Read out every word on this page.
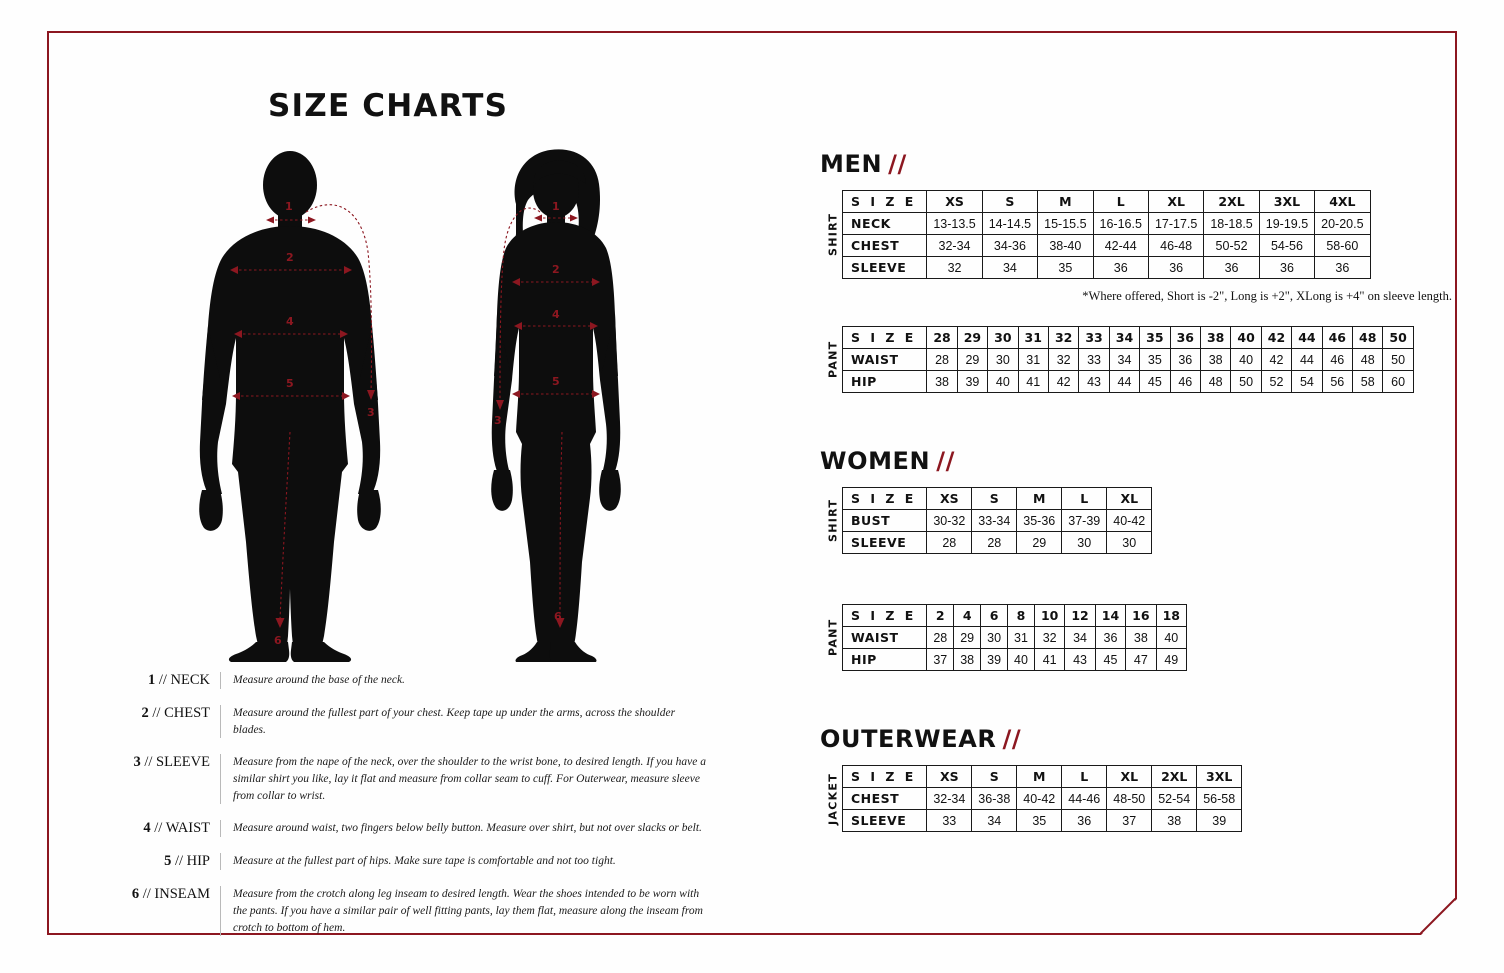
SIZE CHARTS
1
2
4
5
3
6
1
2
4
5
3
6
1 // NECK	Measure around the base of the neck.
2 // CHEST	Measure around the fullest part of your chest. Keep tape up under the arms, across the shoulder blades.
3 // SLEEVE	Measure from the nape of the neck, over the shoulder to the wrist bone, to desired length. If you have a similar shirt you like, lay it flat and measure from collar seam to cuff. For Outerwear, measure sleeve from collar to wrist.
4 // WAIST	Measure around waist, two fingers below belly button. Measure over shirt, but not over slacks or belt.
5 // HIP	Measure at the fullest part of hips. Make sure tape is comfortable and not too tight.
6 // INSEAM	Measure from the crotch along leg inseam to desired length. Wear the shoes intended to be worn with the pants. If you have a similar pair of well fitting pants, lay them flat, measure along the inseam from crotch to bottom of hem.
MEN //
SHIRT
S I Z E	XS	S	M	L	XL	2XL	3XL	4XL
NECK	13-13.5	14-14.5	15-15.5	16-16.5	17-17.5	18-18.5	19-19.5	20-20.5
CHEST	32-34	34-36	38-40	42-44	46-48	50-52	54-56	58-60
SLEEVE	32	34	35	36	36	36	36	36
*Where offered, Short is -2", Long is +2", XLong is +4" on sleeve length.
PANT
S I Z E	28	29	30	31	32	33	34	35	36	38	40	42	44	46	48	50
WAIST	28	29	30	31	32	33	34	35	36	38	40	42	44	46	48	50
HIP	38	39	40	41	42	43	44	45	46	48	50	52	54	56	58	60
WOMEN //
SHIRT
S I Z E	XS	S	M	L	XL
BUST	30-32	33-34	35-36	37-39	40-42
SLEEVE	28	28	29	30	30
PANT
S I Z E	2	4	6	8	10	12	14	16	18
WAIST	28	29	30	31	32	34	36	38	40
HIP	37	38	39	40	41	43	45	47	49
OUTERWEAR //
JACKET S I Z E	XS	S	M	L	XL	2XL	3XL
CHEST	32-34	36-38	40-42	44-46	48-50	52-54	56-58
SLEEVE	33	34	35	36	37	38	39
